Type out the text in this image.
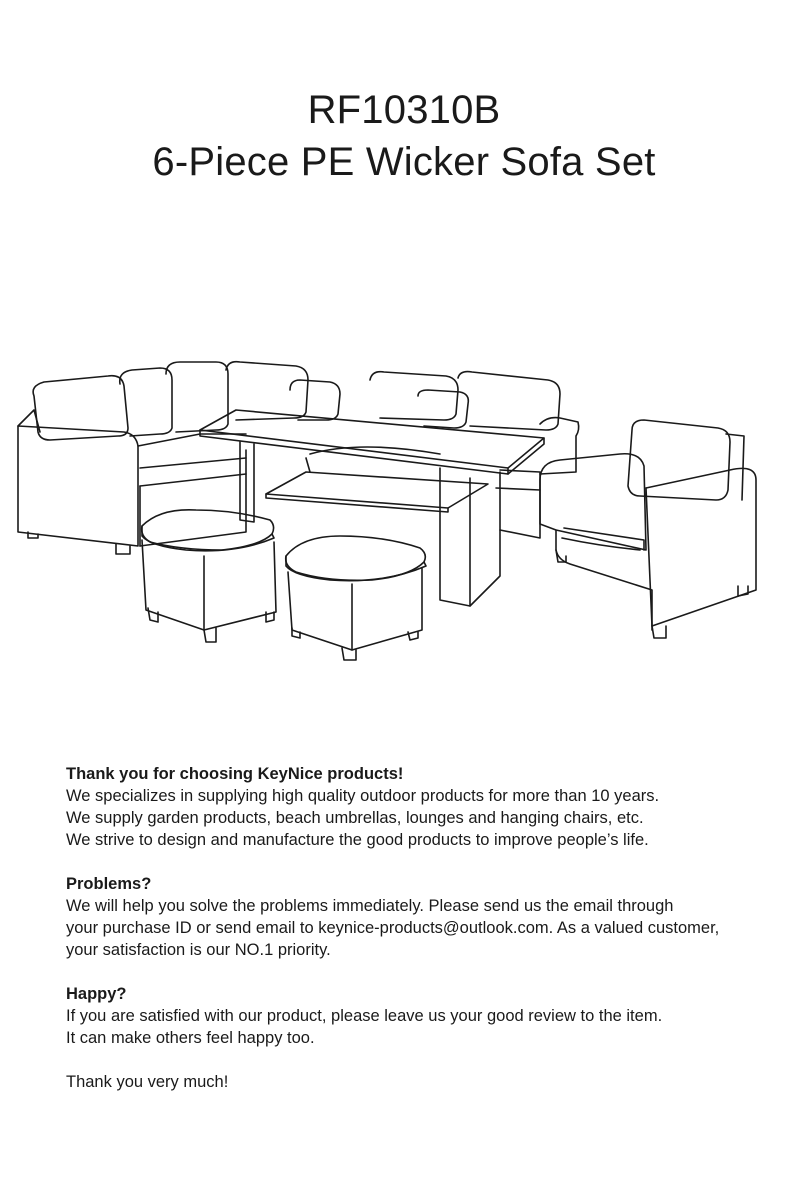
RF10310B

6-Piece PE Wicker Sofa Set

Thank you for choosing KeyNice products!
We specializes in supplying high quality outdoor products for more than 10 years.
We supply garden products, beach umbrellas, lounges and hanging chairs, etc.
We strive to design and manufacture the good products to improve people’s life.
Problems?
We will help you solve the problems immediately. Please send us the email through
your purchase ID or send email to keynice-products@outlook.com. As a valued customer,
your satisfaction is our NO.1 priority.
Happy?
If you are satisfied with our product, please leave us your good review to the item.
It can make others feel happy too.
Thank you very much!
